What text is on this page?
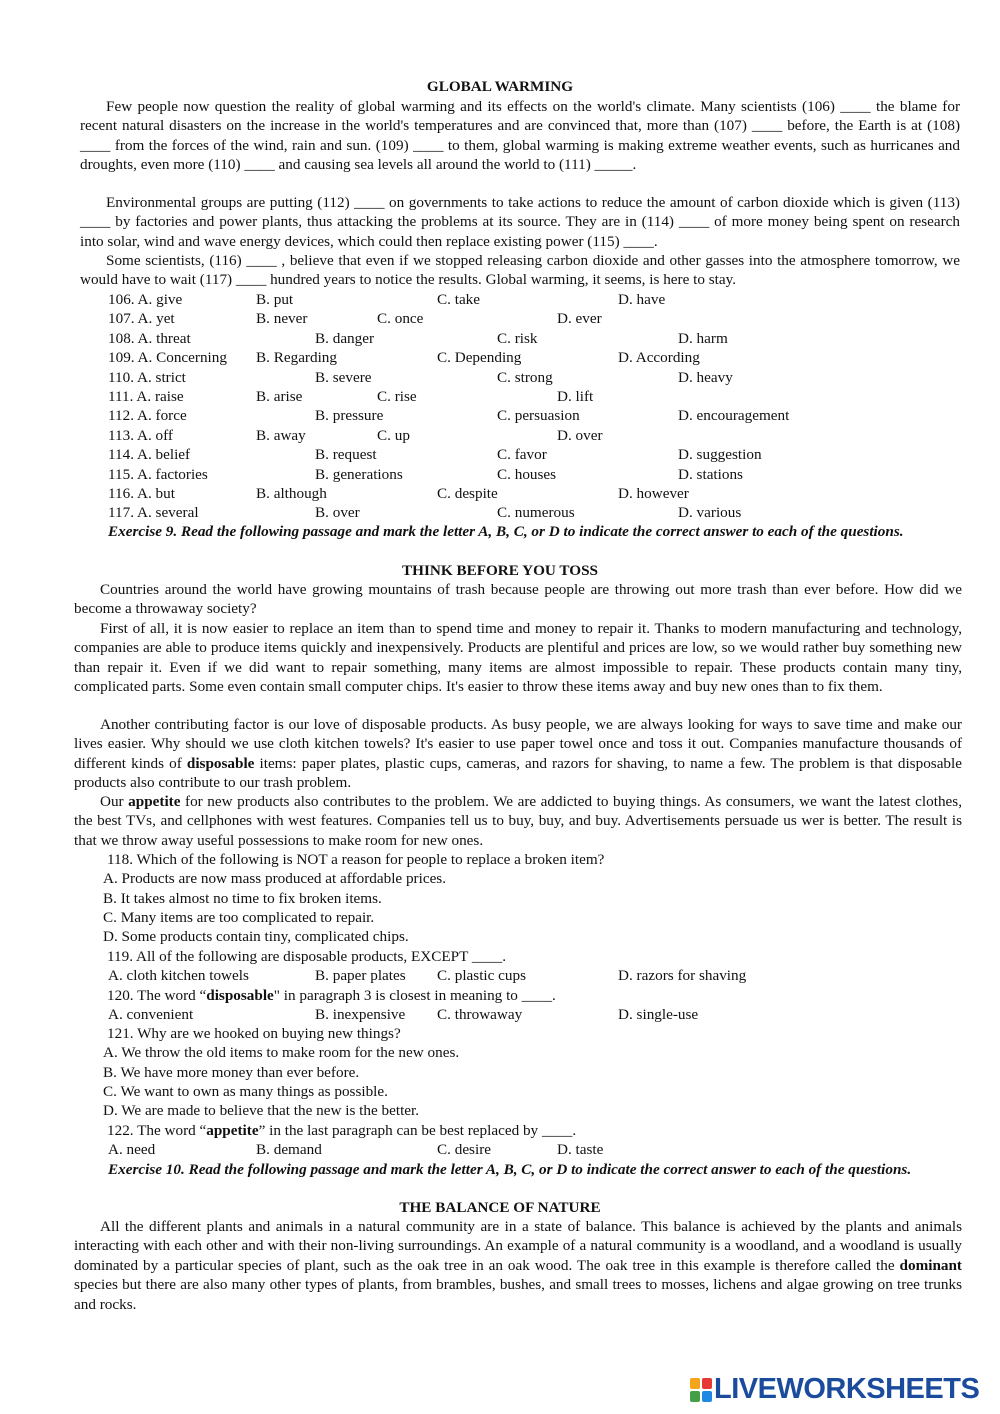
GLOBAL WARMING
Few people now question the reality of global warming and its effects on the world's climate. Many scientists (106) ____ the blame for recent natural disasters on the increase in the world's temperatures and are convinced that, more than (107) ____ before, the Earth is at (108) ____ from the forces of the wind, rain and sun. (109) ____ to them, global warming is making extreme weather events, such as hurricanes and droughts, even more (110) ____ and causing sea levels all around the world to (111) _____.
Environmental groups are putting (112) ____ on governments to take actions to reduce the amount of carbon dioxide which is given (113) ____ by factories and power plants, thus attacking the problems at its source. They are in (114) ____ of more money being spent on research into solar, wind and wave energy devices, which could then replace existing power (115) ____.
Some scientists, (116) ____ , believe that even if we stopped releasing carbon dioxide and other gasses into the atmosphere tomorrow, we would have to wait (117) ____ hundred years to notice the results. Global warming, it seems, is here to stay.
106. A. give	B. put	C. take	D. have
107. A. yet	B. never	C. once	D. ever
108. A. threat	B. danger	C. risk	D. harm
109. A. Concerning B. Regarding	C. Depending	D. According
110. A. strict	B. severe	C. strong	D. heavy
111. A. raise	B. arise	C. rise	D. lift
112. A. force	B. pressure	C. persuasion	D. encouragement
113. A. off	B. away	C. up	D. over
114. A. belief	B. request	C. favor	D. suggestion
115. A. factories	B. generations	C. houses	D. stations
116. A. but	B. although	C. despite	D. however
117. A. several	B. over	C. numerous	D. various
Exercise 9. Read the following passage and mark the letter A, B, C, or D to indicate the correct answer to each of the questions.
THINK BEFORE YOU TOSS
Countries around the world have growing mountains of trash because people are throwing out more trash than ever before. How did we become a throwaway society?
First of all, it is now easier to replace an item than to spend time and money to repair it. Thanks to modern manufacturing and technology, companies are able to produce items quickly and inexpensively. Products are plentiful and prices are low, so we would rather buy something new than repair it. Even if we did want to repair something, many items are almost impossible to repair. These products contain many tiny, complicated parts. Some even contain small computer chips. It's easier to throw these items away and buy new ones than to fix them.
Another contributing factor is our love of disposable products. As busy people, we are always looking for ways to save time and make our lives easier. Why should we use cloth kitchen towels? It's easier to use paper towel once and toss it out. Companies manufacture thousands of different kinds of disposable items: paper plates, plastic cups, cameras, and razors for shaving, to name a few. The problem is that disposable products also contribute to our trash problem.
Our appetite for new products also contributes to the problem. We are addicted to buying things. As consumers, we want the latest clothes, the best TVs, and cellphones with west features. Companies tell us to buy, buy, and buy. Advertisements persuade us wer is better. The result is that we throw away useful possessions to make room for new ones.
118. Which of the following is NOT a reason for people to replace a broken item?
A. Products are now mass produced at affordable prices.
B. It takes almost no time to fix broken items.
C. Many items are too complicated to repair.
D. Some products contain tiny, complicated chips.
119. All of the following are disposable products, EXCEPT ____.
A. cloth kitchen towels	B. paper plates C. plastic cups	D. razors for shaving
120. The word “disposable" in paragraph 3 is closest in meaning to ____.
A. convenient	B. inexpensive C. throwaway	D. single-use
121. Why are we hooked on buying new things?
A. We throw the old items to make room for the new ones.
B. We have more money than ever before.
C. We want to own as many things as possible.
D. We are made to believe that the new is the better.
122. The word “appetite” in the last paragraph can be best replaced by ____.
A. need	B. demand	C. desire	D. taste
Exercise 10. Read the following passage and mark the letter A, B, C, or D to indicate the correct answer to each of the questions.
THE BALANCE OF NATURE
All the different plants and animals in a natural community are in a state of balance. This balance is achieved by the plants and animals interacting with each other and with their non-living surroundings. An example of a natural community is a woodland, and a woodland is usually dominated by a particular species of plant, such as the oak tree in an oak wood. The oak tree in this example is therefore called the dominant species but there are also many other types of plants, from brambles, bushes, and small trees to mosses, lichens and algae growing on tree trunks and rocks.
LIVEWORKSHEETS
